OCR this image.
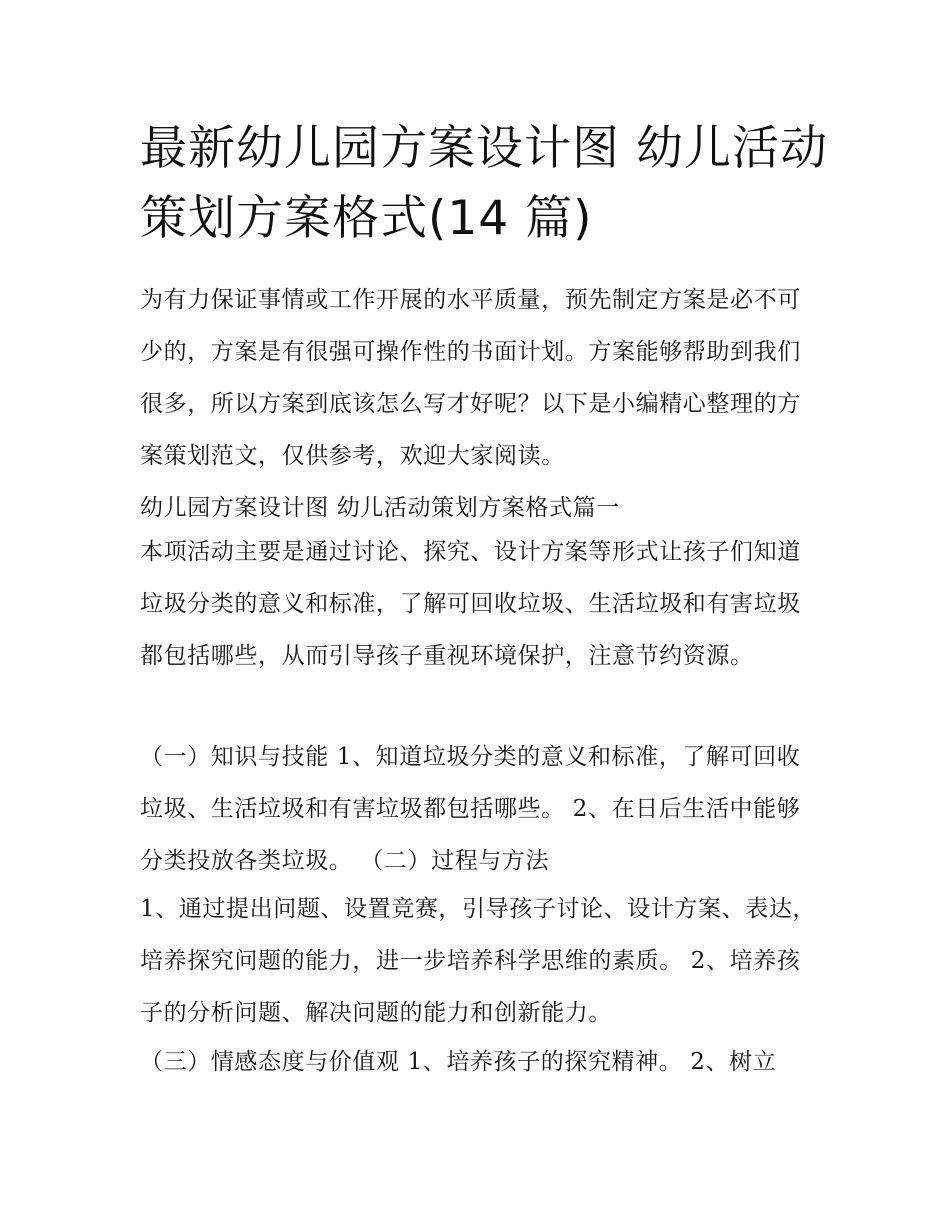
最新幼儿园方案设计图 幼儿活动策划方案格式(14 篇)

为有力保证事情或工作开展的水平质量，预先制定方案是必不可少的，方案是有很强可操作性的书面计划。方案能够帮助到我们很多，所以方案到底该怎么写才好呢？以下是小编精心整理的方案策划范文，仅供参考，欢迎大家阅读。

幼儿园方案设计图 幼儿活动策划方案格式篇一

本项活动主要是通过讨论、探究、设计方案等形式让孩子们知道垃圾分类的意义和标准，了解可回收垃圾、生活垃圾和有害垃圾都包括哪些，从而引导孩子重视环境保护，注意节约资源。

（一）知识与技能 1、知道垃圾分类的意义和标准，了解可回收垃圾、生活垃圾和有害垃圾都包括哪些。 2、在日后生活中能够分类投放各类垃圾。 （二）过程与方法

1、通过提出问题、设置竞赛，引导孩子讨论、设计方案、表达，培养探究问题的能力，进一步培养科学思维的素质。 2、培养孩子的分析问题、解决问题的能力和创新能力。

（三）情感态度与价值观 1、培养孩子的探究精神。 2、树立
